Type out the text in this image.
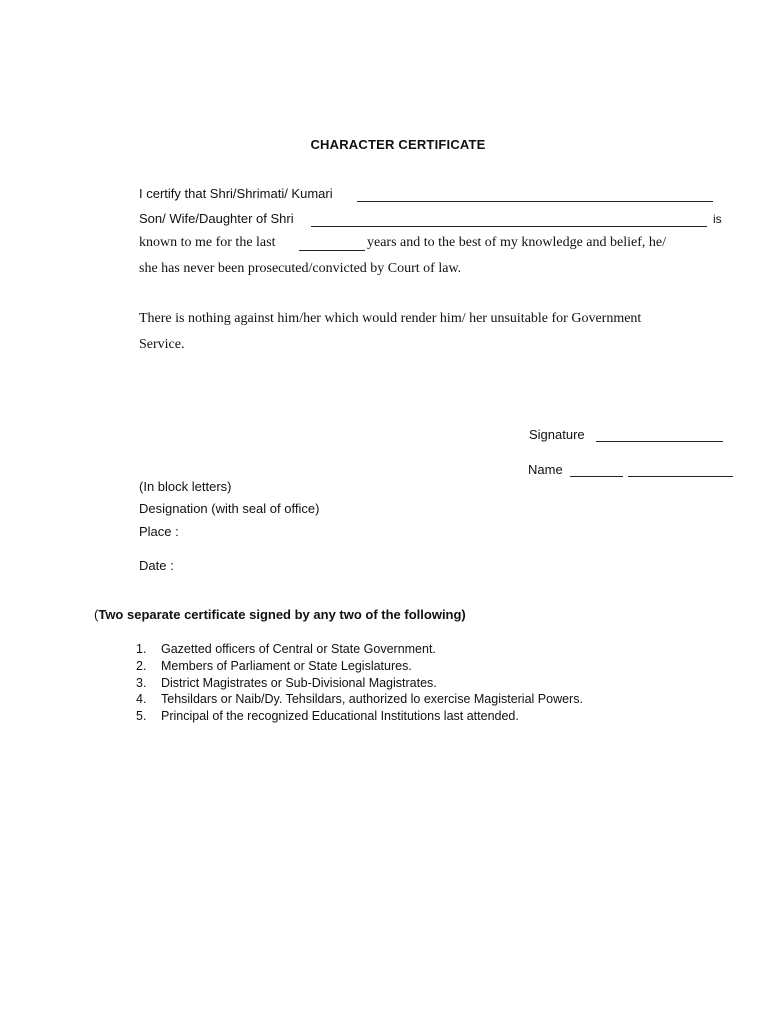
CHARACTER CERTIFICATE
I certify that Shri/Shrimati/ Kumari
Son/ Wife/Daughter of Shri	is
known to me for the last	years and to the best of my knowledge and belief, he/
she has never been prosecuted/convicted by Court of law.
There is nothing against him/her which would render him/ her unsuitable for Government
Service.
Signature
Name
(In block letters)
Designation (with seal of office)
Place :
Date :
(Two separate certificate signed by any two of the following)
1. Gazetted officers of Central or State Government.
2. Members of Parliament or State Legislatures.
3. District Magistrates or Sub-Divisional Magistrates.
4. Tehsildars or Naib/Dy. Tehsildars, authorized lo exercise Magisterial Powers.
5. Principal of the recognized Educational Institutions last attended.
